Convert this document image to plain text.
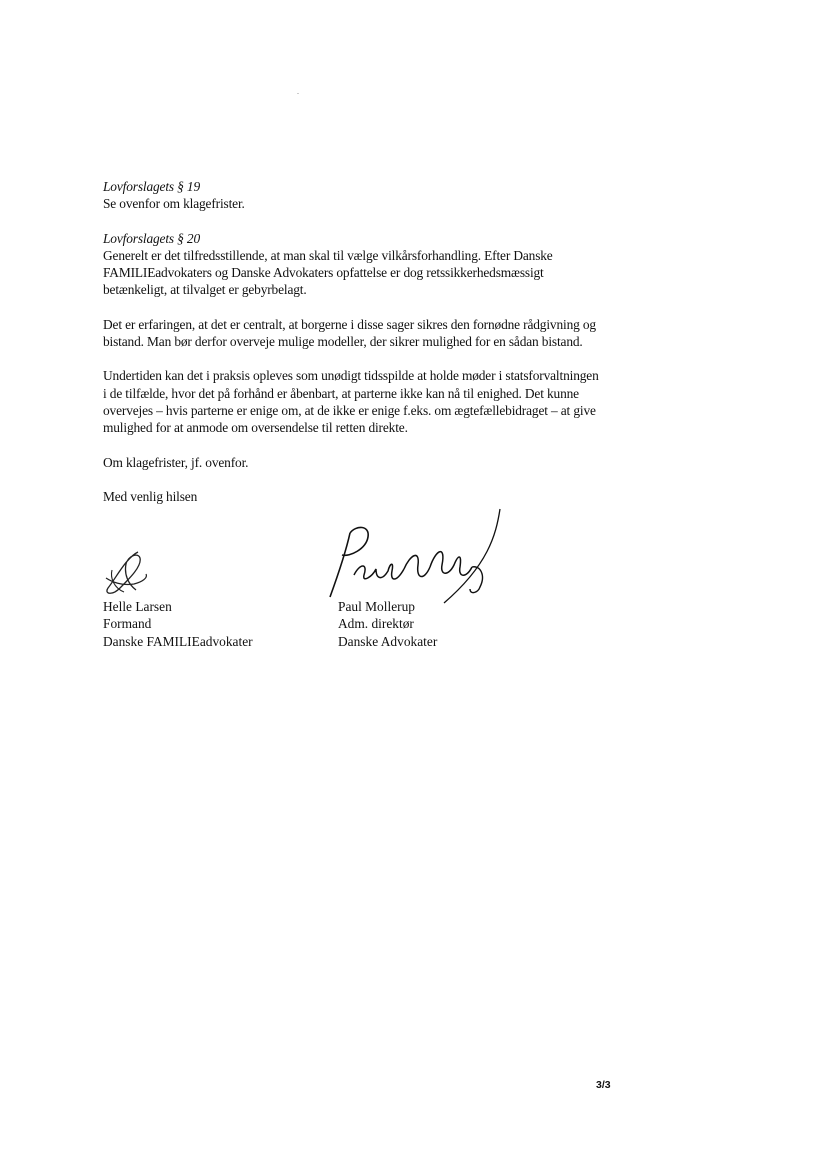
Lovforslagets § 19
Se ovenfor om klagefrister.
Lovforslagets § 20
Generelt er det tilfredsstillende, at man skal til vælge vilkårsforhandling. Efter Danske FAMILIEadvokaters og Danske Advokaters opfattelse er dog retssikkerhedsmæssigt betænkeligt, at tilvalget er gebyrbelagt.
Det er erfaringen, at det er centralt, at borgerne i disse sager sikres den fornødne rådgivning og bistand. Man bør derfor overveje mulige modeller, der sikrer mulighed for en sådan bistand.
Undertiden kan det i praksis opleves som unødigt tidsspilde at holde møder i statsforvaltningen i de tilfælde, hvor det på forhånd er åbenbart, at parterne ikke kan nå til enighed. Det kunne overvejes – hvis parterne er enige om, at de ikke er enige f.eks. om ægtefællebidraget – at give mulighed for at anmode om oversendelse til retten direkte.
Om klagefrister, jf. ovenfor.
Med venlig hilsen
Helle Larsen
Formand
Danske FAMILIEadvokater
Paul Mollerup
Adm. direktør
Danske Advokater
3/3
